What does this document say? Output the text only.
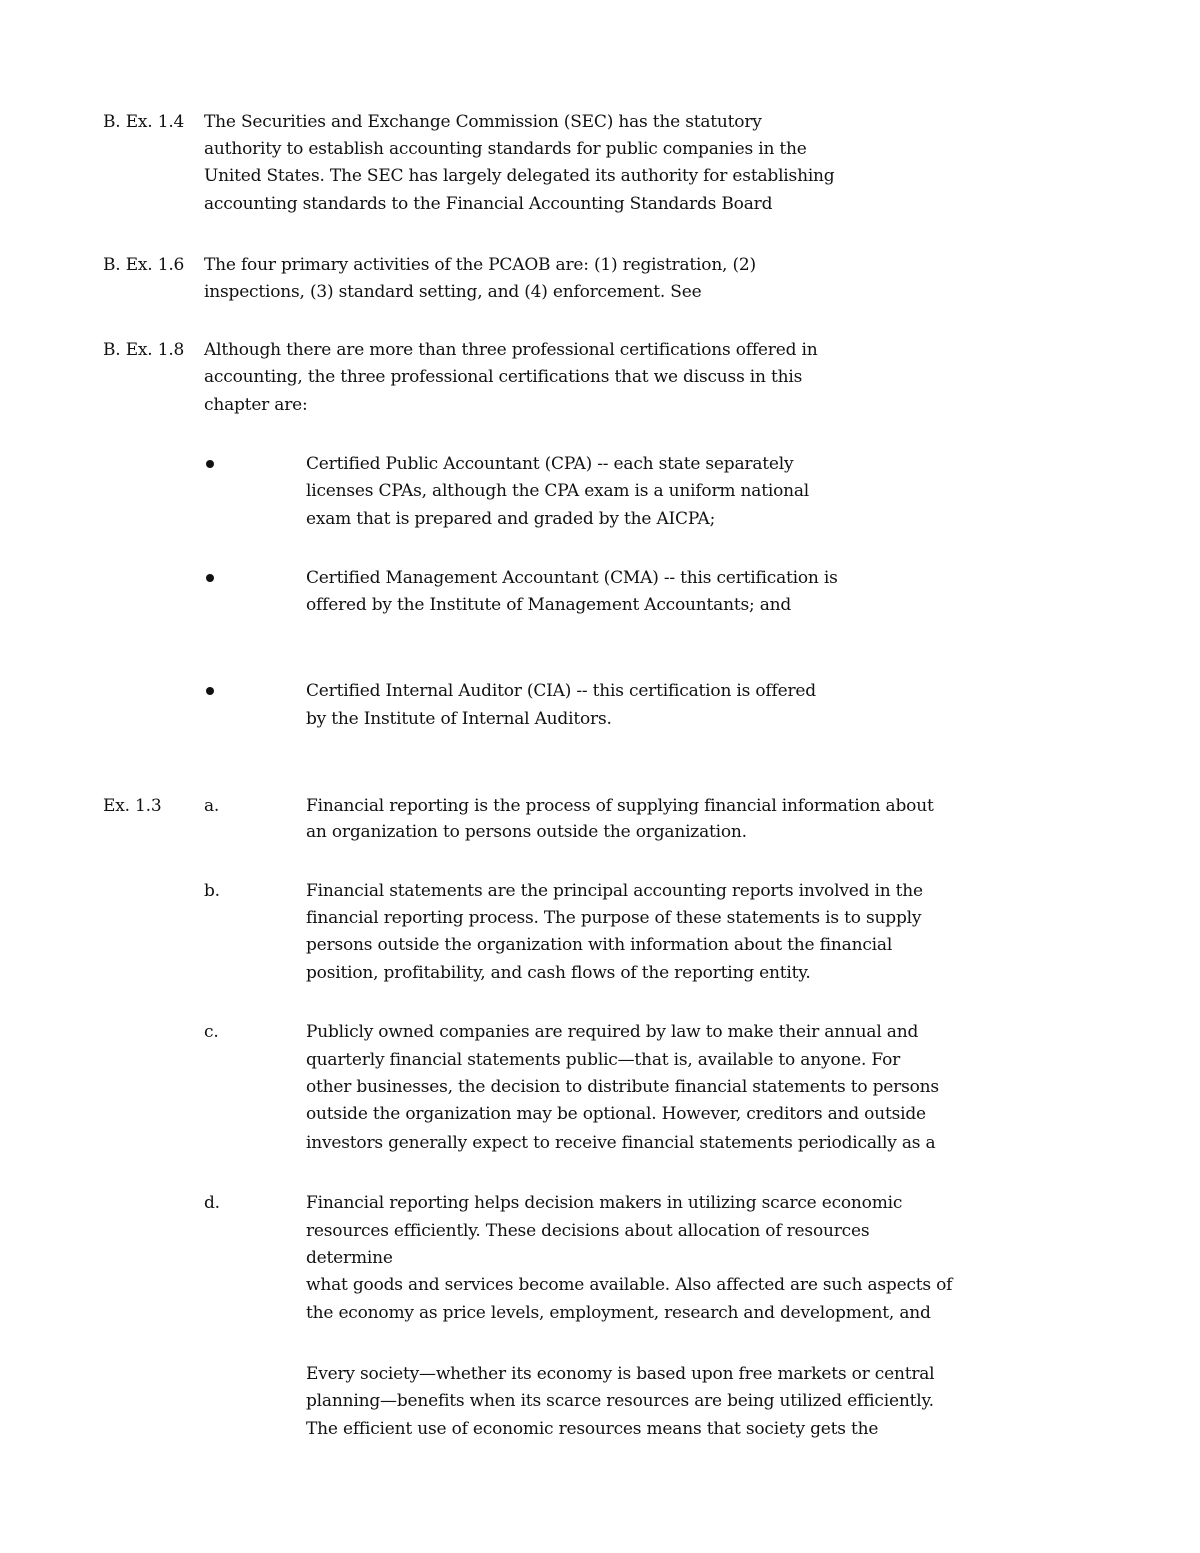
B. Ex. 1.4 The Securities and Exchange Commission (SEC) has the statutory
authority to establish accounting standards for public companies in the
United States. The SEC has largely delegated its authority for establishing
accounting standards to the Financial Accounting Standards Board
B. Ex. 1.6 The four primary activities of the PCAOB are: (1) registration, (2)
inspections, (3) standard setting, and (4) enforcement. See
B. Ex. 1.8 Although there are more than three professional certifications offered in
accounting, the three professional certifications that we discuss in this
chapter are:
Certified Public Accountant (CPA) -- each state separately
licenses CPAs, although the CPA exam is a uniform national
exam that is prepared and graded by the AICPA;
Certified Management Accountant (CMA) -- this certification is
offered by the Institute of Management Accountants; and
Certified Internal Auditor (CIA) -- this certification is offered
by the Institute of Internal Auditors.
Ex. 1.3	a.	Financial reporting is the process of supplying financial information about
an organization to persons outside the organization.
b.	Financial statements are the principal accounting reports involved in the
financial reporting process. The purpose of these statements is to supply
persons outside the organization with information about the financial
position, profitability, and cash flows of the reporting entity.
c.	Publicly owned companies are required by law to make their annual and
quarterly financial statements public—that is, available to anyone. For
other businesses, the decision to distribute financial statements to persons
outside the organization may be optional. However, creditors and outside
investors generally expect to receive financial statements periodically as a
d.	Financial reporting helps decision makers in utilizing scarce economic
resources efficiently. These decisions about allocation of resources
determine
what goods and services become available. Also affected are such aspects of
the economy as price levels, employment, research and development, and
Every society—whether its economy is based upon free markets or central
planning—benefits when its scarce resources are being utilized efficiently.
The efficient use of economic resources means that society gets the
